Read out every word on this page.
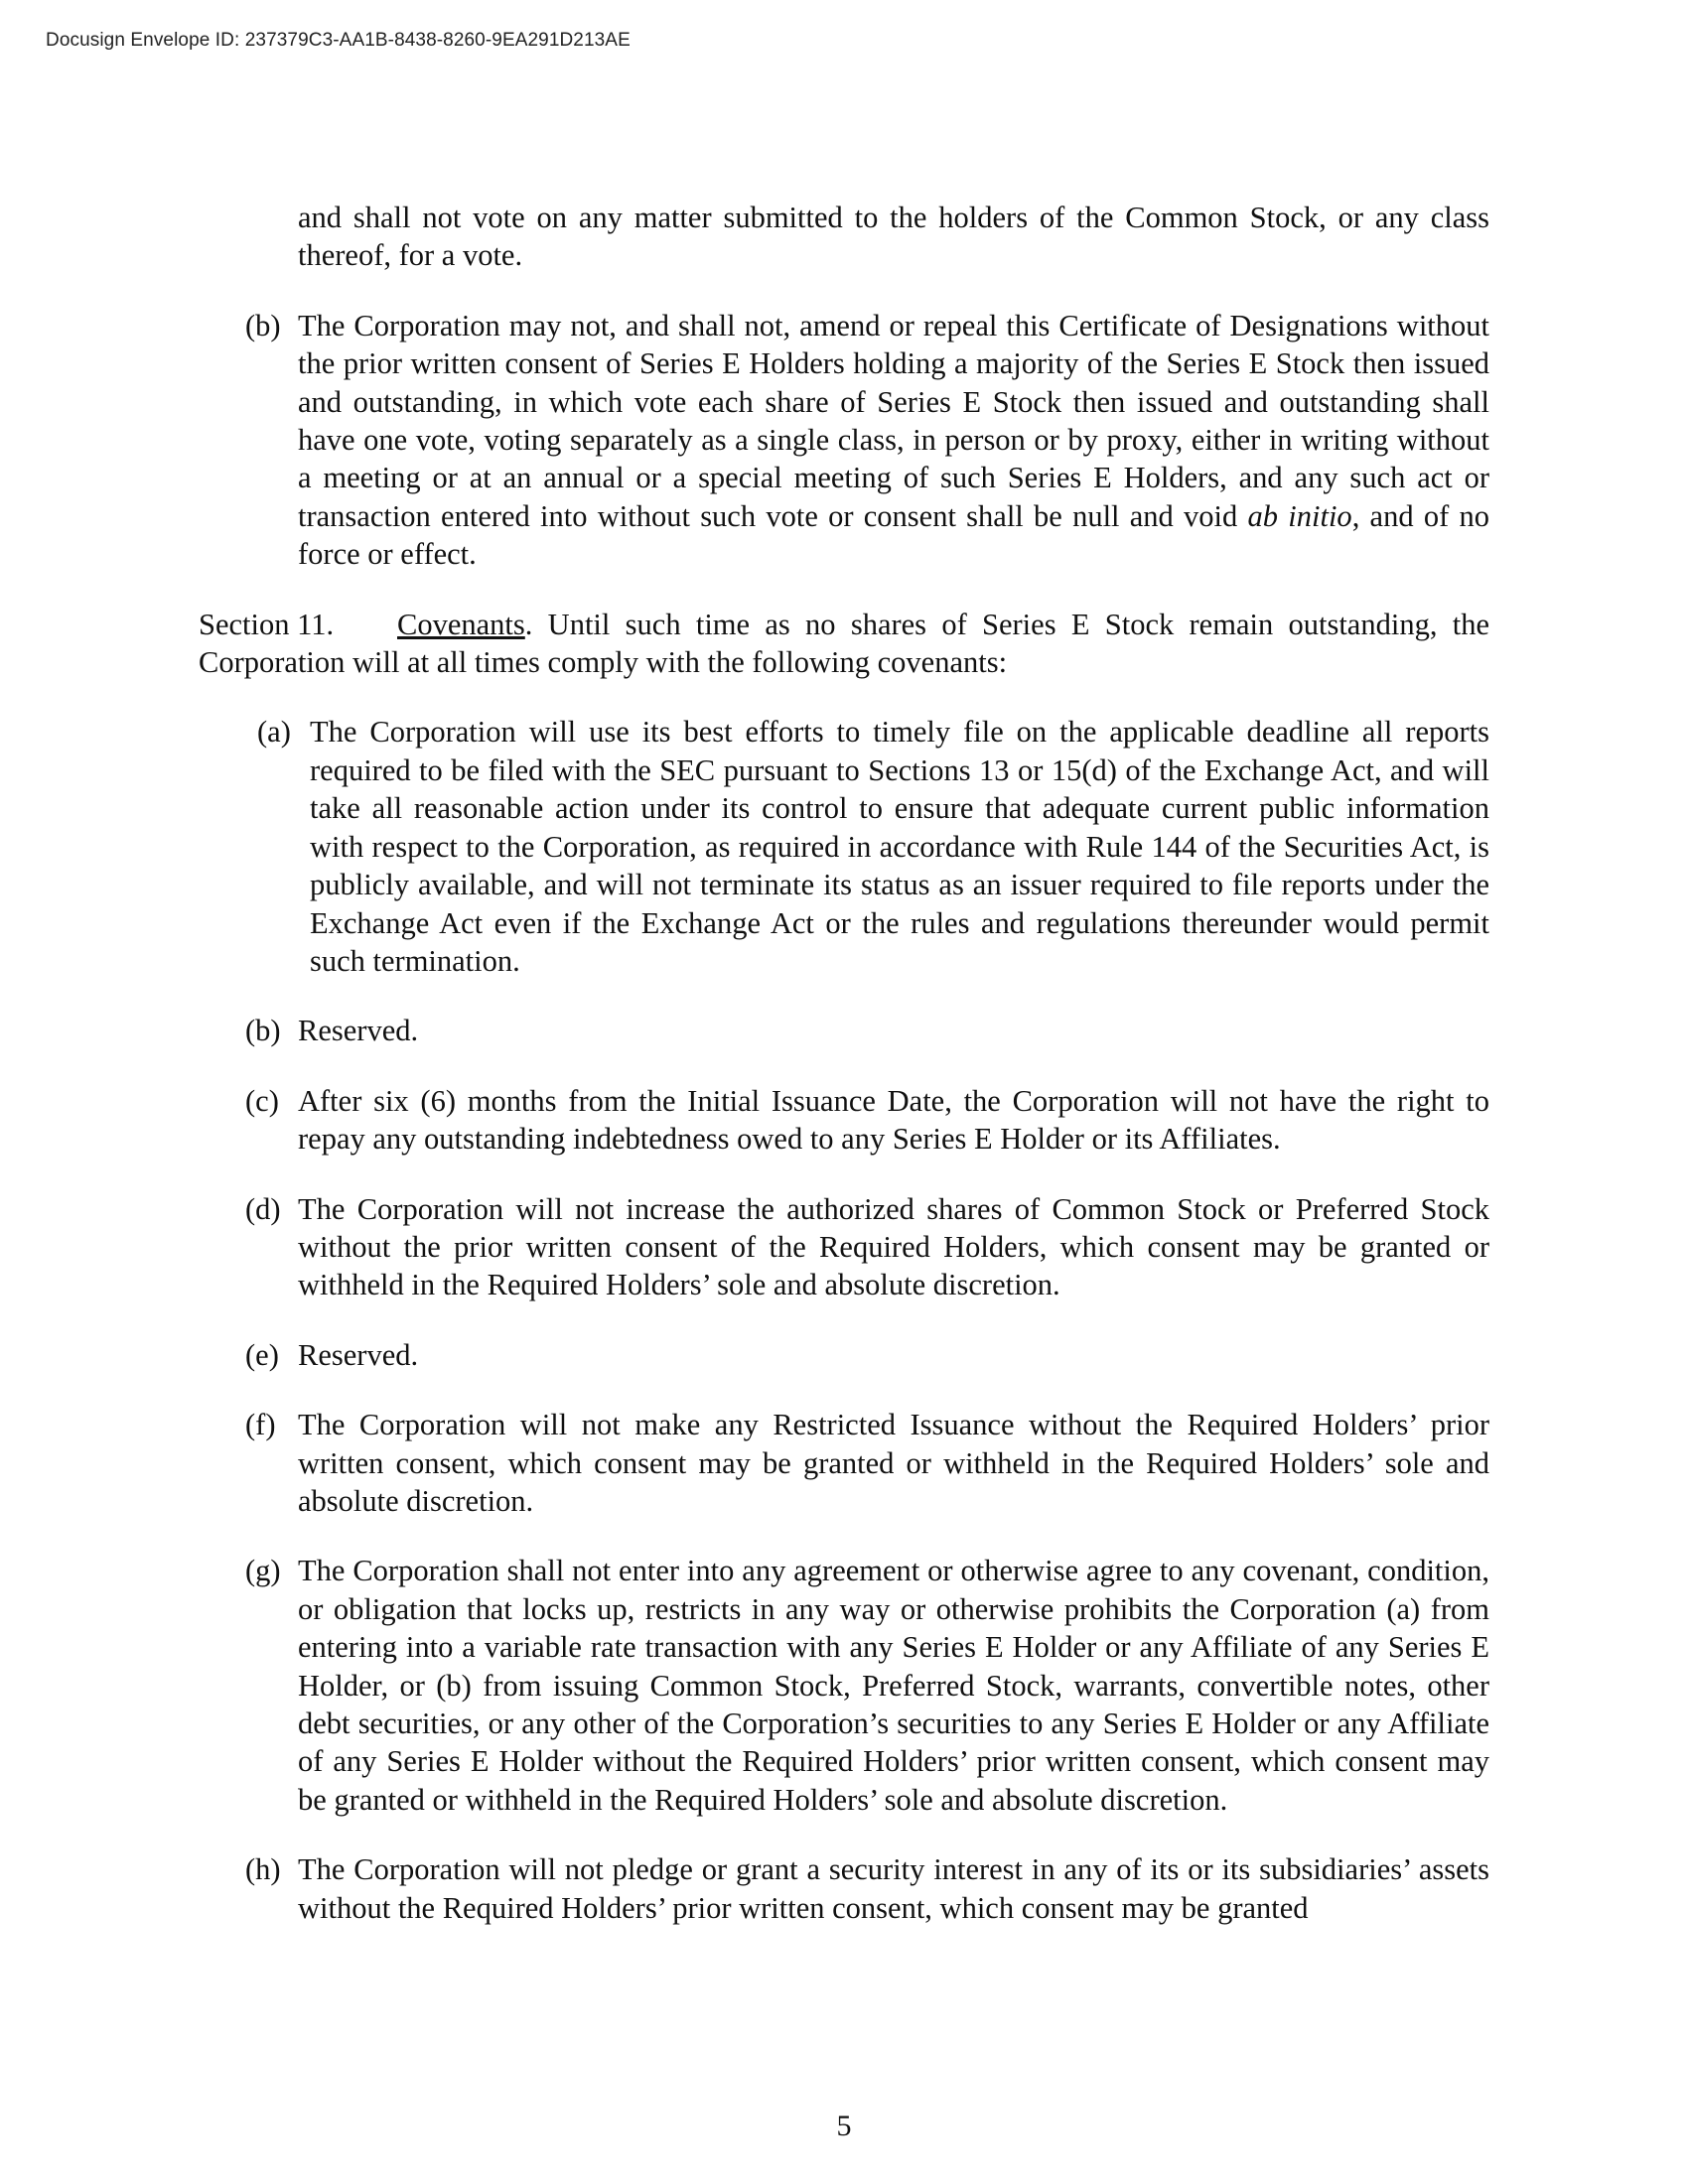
Docusign Envelope ID: 237379C3-AA1B-8438-8260-9EA291D213AE

and shall not vote on any matter submitted to the holders of the Common Stock, or any class thereof, for a vote.

(b) The Corporation may not, and shall not, amend or repeal this Certificate of Designations without the prior written consent of Series E Holders holding a majority of the Series E Stock then issued and outstanding, in which vote each share of Series E Stock then issued and outstanding shall have one vote, voting separately as a single class, in person or by proxy, either in writing without a meeting or at an annual or a special meeting of such Series E Holders, and any such act or transaction entered into without such vote or consent shall be null and void ab initio, and of no force or effect.

Section 11. Covenants. Until such time as no shares of Series E Stock remain outstanding, the Corporation will at all times comply with the following covenants:

(a) The Corporation will use its best efforts to timely file on the applicable deadline all reports required to be filed with the SEC pursuant to Sections 13 or 15(d) of the Exchange Act, and will take all reasonable action under its control to ensure that adequate current public information with respect to the Corporation, as required in accordance with Rule 144 of the Securities Act, is publicly available, and will not terminate its status as an issuer required to file reports under the Exchange Act even if the Exchange Act or the rules and regulations thereunder would permit such termination.

(b) Reserved.

(c) After six (6) months from the Initial Issuance Date, the Corporation will not have the right to repay any outstanding indebtedness owed to any Series E Holder or its Affiliates.

(d) The Corporation will not increase the authorized shares of Common Stock or Preferred Stock without the prior written consent of the Required Holders, which consent may be granted or withheld in the Required Holders’ sole and absolute discretion.

(e) Reserved.

(f) The Corporation will not make any Restricted Issuance without the Required Holders’ prior written consent, which consent may be granted or withheld in the Required Holders’ sole and absolute discretion.

(g) The Corporation shall not enter into any agreement or otherwise agree to any covenant, condition, or obligation that locks up, restricts in any way or otherwise prohibits the Corporation (a) from entering into a variable rate transaction with any Series E Holder or any Affiliate of any Series E Holder, or (b) from issuing Common Stock, Preferred Stock, warrants, convertible notes, other debt securities, or any other of the Corporation’s securities to any Series E Holder or any Affiliate of any Series E Holder without the Required Holders’ prior written consent, which consent may be granted or withheld in the Required Holders’ sole and absolute discretion.

(h) The Corporation will not pledge or grant a security interest in any of its or its subsidiaries’ assets without the Required Holders’ prior written consent, which consent may be granted

5
